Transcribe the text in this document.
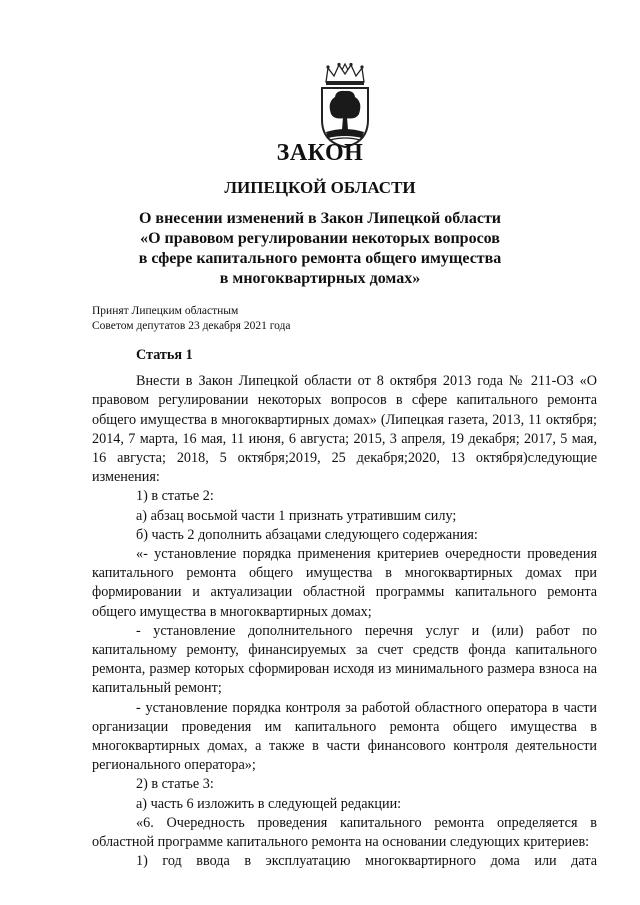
ЗАКОН
ЛИПЕЦКОЙ ОБЛАСТИ
О внесении изменений в Закон Липецкой области
«О правовом регулировании некоторых вопросов
в сфере капитального ремонта общего имущества
в многоквартирных домах»
Принят Липецким областным
Советом депутатов 23 декабря 2021 года
Статья 1

Внести в Закон Липецкой области от 8 октября 2013 года № 211-ОЗ «О правовом регулировании некоторых вопросов в сфере капитального ремонта общего имущества в многоквартирных домах» (Липецкая газета, 2013, 11 октября; 2014, 7 марта, 16 мая, 11 июня, 6 августа; 2015, 3 апреля, 19 декабря; 2017, 5 мая, 16 августа; 2018, 5 октября;2019, 25 декабря;2020, 13 октября)следующие изменения:

1) в статье 2:

а) абзац восьмой части 1 признать утратившим силу;

б) часть 2 дополнить абзацами следующего содержания:

«- установление порядка применения критериев очередности проведения капитального ремонта общего имущества в многоквартирных домах при формировании и актуализации областной программы капитального ремонта общего имущества в многоквартирных домах;

- установление дополнительного перечня услуг и (или) работ по капитальному ремонту, финансируемых за счет средств фонда капитального ремонта, размер которых сформирован исходя из минимального размера взноса на капитальный ремонт;

- установление порядка контроля за работой областного оператора в части организации проведения им капитального ремонта общего имущества в многоквартирных домах, а также в части финансового контроля деятельности регионального оператора»;

2) в статье 3:

а) часть 6 изложить в следующей редакции:

«6. Очередность проведения капитального ремонта определяется в областной программе капитального ремонта на основании следующих критериев:

1) год ввода в эксплуатацию многоквартирного дома или дата
